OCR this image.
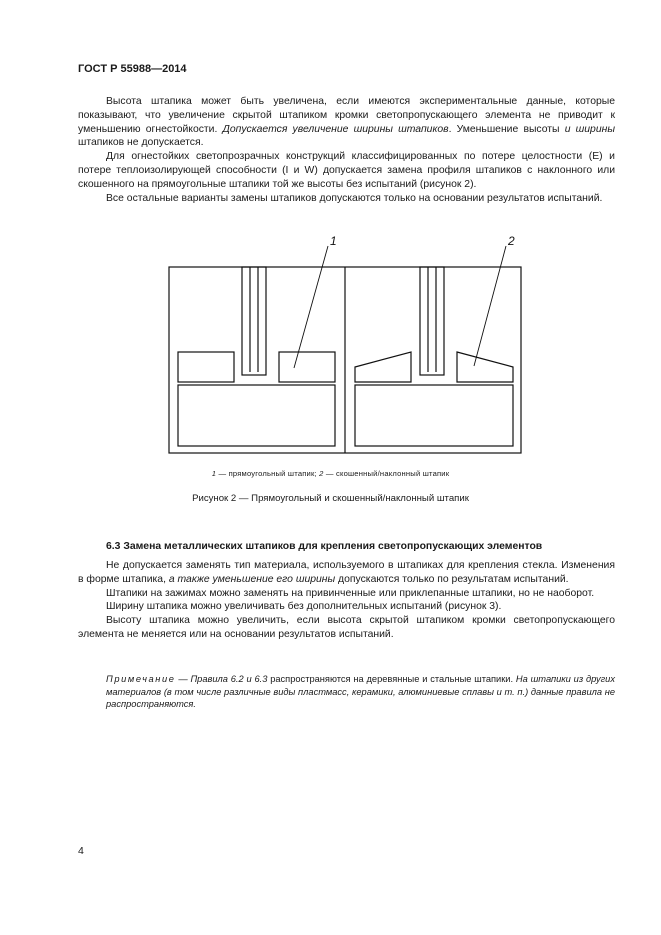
ГОСТ Р 55988—2014

Высота штапика может быть увеличена, если имеются экспериментальные данные, которые показывают, что увеличение скрытой штапиком кромки светопропускающего элемента не приводит к уменьшению огнестойкости. Допускается увеличение ширины штапиков. Уменьшение высоты и ширины штапиков не допускается.

Для огнестойких светопрозрачных конструкций классифицированных по потере целостности (E) и потере теплоизолирующей способности (I и W) допускается замена профиля штапиков с наклонного или скошенного на прямоугольные штапики той же высоты без испытаний (рисунок 2).

Все остальные варианты замены штапиков допускаются только на основании результатов испытаний.

1	2
1 — прямоугольный штапик; 2 — скошенный/наклонный штапик
Рисунок 2 — Прямоугольный и скошенный/наклонный штапик
6.3 Замена металлических штапиков для крепления светопропускающих элементов

Не допускается заменять тип материала, используемого в штапиках для крепления стекла. Изменения в форме штапика, а также уменьшение его ширины допускаются только по результатам испытаний.

Штапики на зажимах можно заменять на привинченные или приклепанные штапики, но не наоборот.

Ширину штапика можно увеличивать без дополнительных испытаний (рисунок 3).

Высоту штапика можно увеличить, если высота скрытой штапиком кромки светопропускающего элемента не меняется или на основании результатов испытаний.

Примечание — Правила 6.2 и 6.3 распространяются на деревянные и стальные штапики. На штапики из других материалов (в том числе различные виды пластмасс, керамики, алюминиевые сплавы и т. п.) данные правила не распространяются.
4
